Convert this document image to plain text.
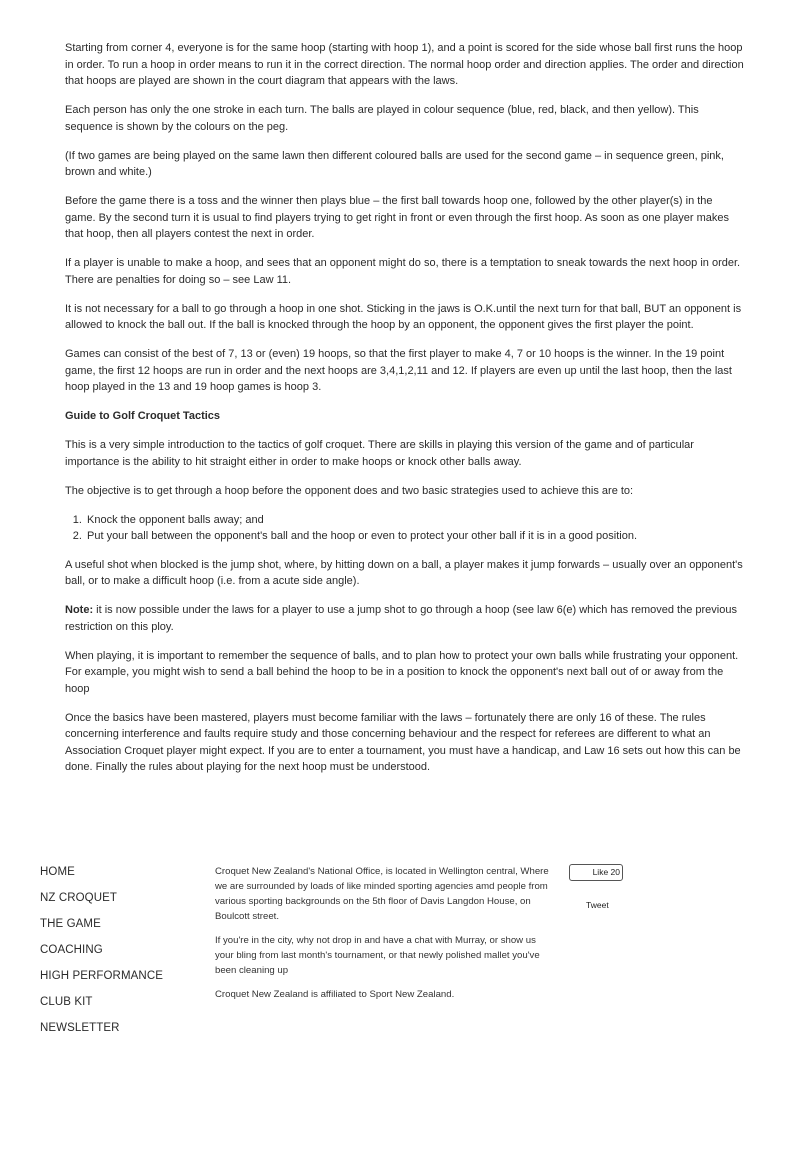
Starting from corner 4, everyone is for the same hoop (starting with hoop 1), and a point is scored for the side whose ball first runs the hoop in order. To run a hoop in order means to run it in the correct direction. The normal hoop order and direction applies. The order and direction that hoops are played are shown in the court diagram that appears with the laws.

Each person has only the one stroke in each turn. The balls are played in colour sequence (blue, red, black, and then yellow). This sequence is shown by the colours on the peg.

(If two games are being played on the same lawn then different coloured balls are used for the second game – in sequence green, pink, brown and white.)

Before the game there is a toss and the winner then plays blue – the first ball towards hoop one, followed by the other player(s) in the game. By the second turn it is usual to find players trying to get right in front or even through the first hoop. As soon as one player makes that hoop, then all players contest the next in order.

If a player is unable to make a hoop, and sees that an opponent might do so, there is a temptation to sneak towards the next hoop in order. There are penalties for doing so – see Law 11.

It is not necessary for a ball to go through a hoop in one shot. Sticking in the jaws is O.K.until the next turn for that ball, BUT an opponent is allowed to knock the ball out. If the ball is knocked through the hoop by an opponent, the opponent gives the first player the point.

Games can consist of the best of 7, 13 or (even) 19 hoops, so that the first player to make 4, 7 or 10 hoops is the winner. In the 19 point game, the first 12 hoops are run in order and the next hoops are 3,4,1,2,11 and 12. If players are even up until the last hoop, then the last hoop played in the 13 and 19 hoop games is hoop 3.

Guide to Golf Croquet Tactics

This is a very simple introduction to the tactics of golf croquet. There are skills in playing this version of the game and of particular importance is the ability to hit straight either in order to make hoops or knock other balls away.

The objective is to get through a hoop before the opponent does and two basic strategies used to achieve this are to:

1. Knock the opponent balls away; and
2. Put your ball between the opponent's ball and the hoop or even to protect your other ball if it is in a good position.

A useful shot when blocked is the jump shot, where, by hitting down on a ball, a player makes it jump forwards – usually over an opponent's ball, or to make a difficult hoop (i.e. from a acute side angle).

Note: it is now possible under the laws for a player to use a jump shot to go through a hoop (see law 6(e) which has removed the previous restriction on this ploy.

When playing, it is important to remember the sequence of balls, and to plan how to protect your own balls while frustrating your opponent. For example, you might wish to send a ball behind the hoop to be in a position to knock the opponent's next ball out of or away from the hoop

Once the basics have been mastered, players must become familiar with the laws – fortunately there are only 16 of these. The rules concerning interference and faults require study and those concerning behaviour and the respect for referees are different to what an Association Croquet player might expect. If you are to enter a tournament, you must have a handicap, and Law 16 sets out how this can be done. Finally the rules about playing for the next hoop must be understood.

HOME
NZ CROQUET
THE GAME
COACHING
HIGH PERFORMANCE
CLUB KIT
NEWSLETTER

Croquet New Zealand's National Office, is located in Wellington central, Where we are surrounded by loads of like minded sporting agencies amd people from various sporting backgrounds on the 5th floor of Davis Langdon House, on Boulcott street.

If you're in the city, why not drop in and have a chat with Murray, or show us your bling from last month's tournament, or that newly polished mallet you've been cleaning up

Croquet New Zealand is affiliated to Sport New Zealand.

Like 20
Tweet
